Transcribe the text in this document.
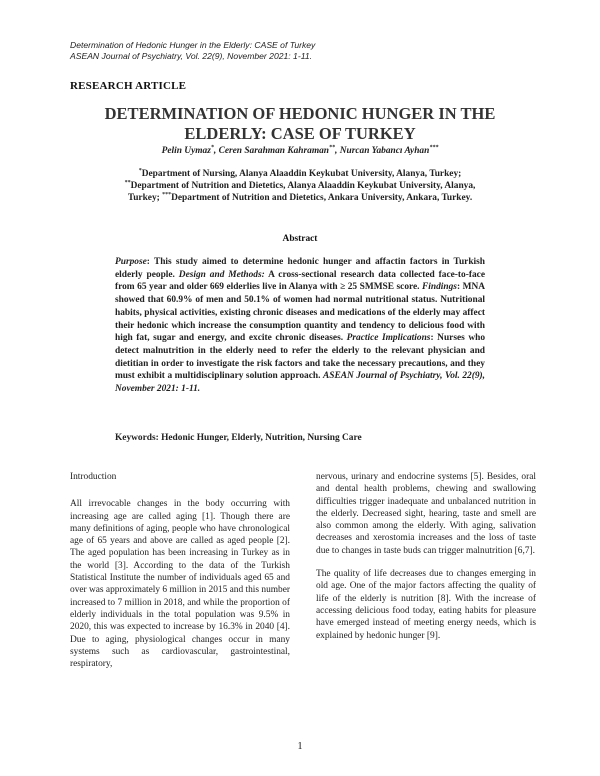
Determination of Hedonic Hunger in the Elderly: CASE of Turkey
ASEAN Journal of Psychiatry, Vol. 22(9), November 2021: 1-11.
RESEARCH ARTICLE
DETERMINATION OF HEDONIC HUNGER IN THE
ELDERLY: CASE OF TURKEY
Pelin Uymaz*, Ceren Sarahman Kahraman**, Nurcan Yabancı Ayhan***
*Department of Nursing, Alanya Alaaddin Keykubat University, Alanya, Turkey; **Department of Nutrition and Dietetics, Alanya Alaaddin Keykubat University, Alanya, Turkey; ***Department of Nutrition and Dietetics, Ankara University, Ankara, Turkey.
Abstract
Purpose: This study aimed to determine hedonic hunger and affactin factors in Turkish elderly people. Design and Methods: A cross-sectional research data collected face-to-face from 65 year and older 669 elderlies live in Alanya with ≥ 25 SMMSE score. Findings: MNA showed that 60.9% of men and 50.1% of women had normal nutritional status. Nutritional habits, physical activities, existing chronic diseases and medications of the elderly may affect their hedonic which increase the consumption quantity and tendency to delicious food with high fat, sugar and energy, and excite chronic diseases. Practice Implications: Nurses who detect malnutrition in the elderly need to refer the elderly to the relevant physician and dietitian in order to investigate the risk factors and take the necessary precautions, and they must exhibit a multidisciplinary solution approach. ASEAN Journal of Psychiatry, Vol. 22(9), November 2021: 1-11.
Keywords: Hedonic Hunger, Elderly, Nutrition, Nursing Care
Introduction

All irrevocable changes in the body occurring with increasing age are called aging [1]. Though there are many definitions of aging, people who have chronological age of 65 years and above are called as aged people [2]. The aged population has been increasing in Turkey as in the world [3]. According to the data of the Turkish Statistical Institute the number of individuals aged 65 and over was approximately 6 million in 2015 and this number increased to 7 million in 2018, and while the proportion of elderly individuals in the total population was 9.5% in 2020, this was expected to increase by 16.3% in 2040 [4]. Due to aging, physiological changes occur in many systems such as cardiovascular, gastrointestinal, respiratory,

nervous, urinary and endocrine systems [5]. Besides, oral and dental health problems, chewing and swallowing difficulties trigger inadequate and unbalanced nutrition in the elderly. Decreased sight, hearing, taste and smell are also common among the elderly. With aging, salivation decreases and xerostomia increases and the loss of taste due to changes in taste buds can trigger malnutrition [6,7].

The quality of life decreases due to changes emerging in old age. One of the major factors affecting the quality of life of the elderly is nutrition [8]. With the increase of accessing delicious food today, eating habits for pleasure have emerged instead of meeting energy needs, which is explained by hedonic hunger [9].

1
